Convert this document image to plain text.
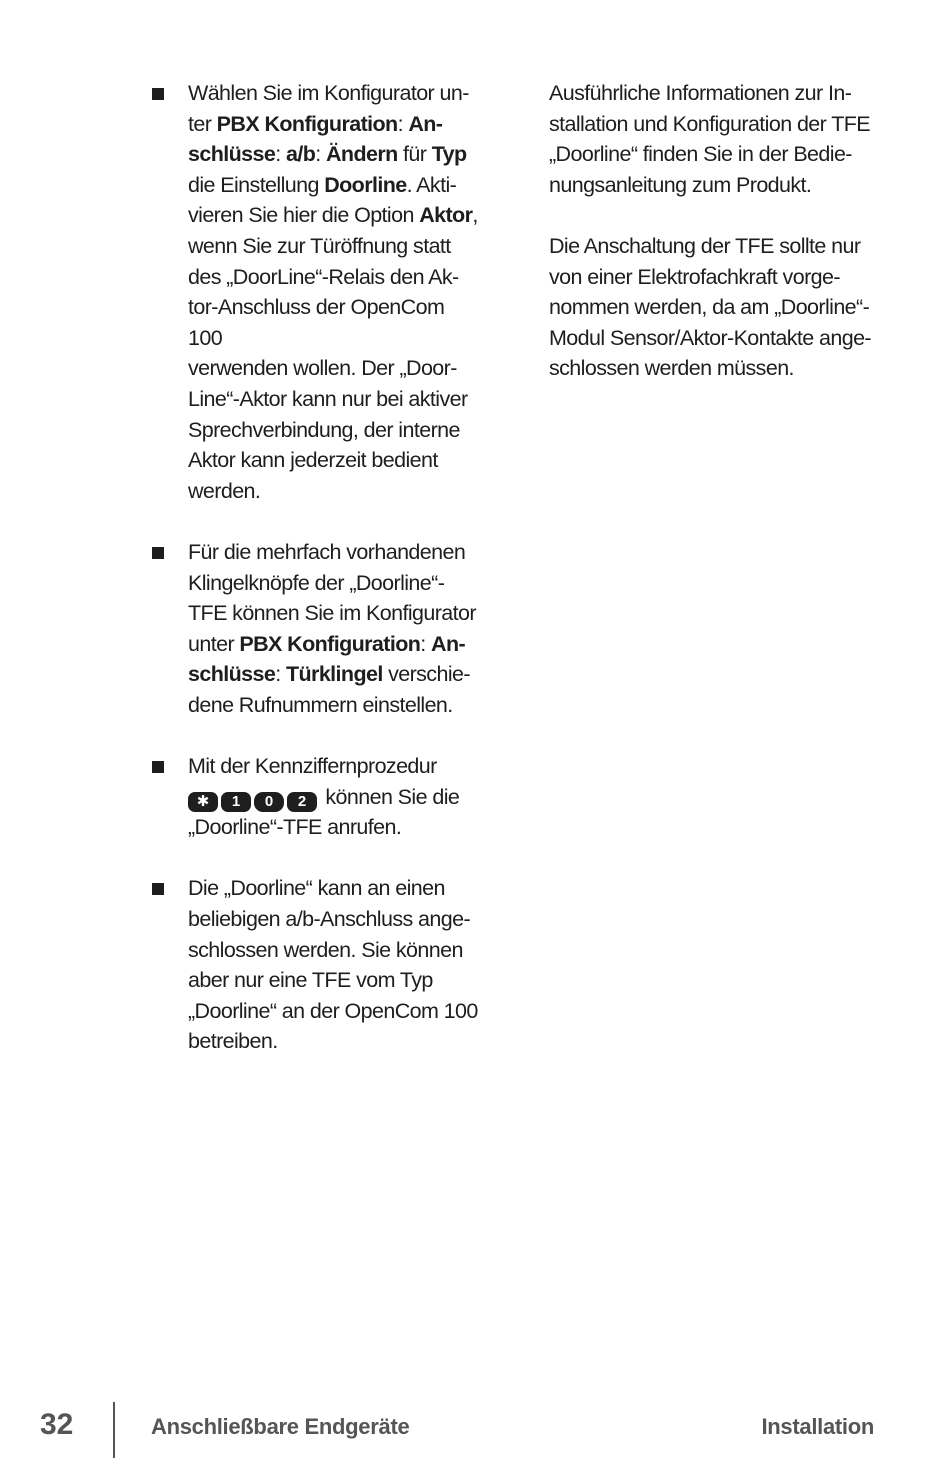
Wählen Sie im Konfigurator un-
ter PBX Konfiguration: An-
schlüsse: a/b: Ändern für Typ
die Einstellung Doorline. Akti-
vieren Sie hier die Option Aktor,
wenn Sie zur Türöffnung statt
des „DoorLine“-Relais den Ak-
tor-Anschluss der OpenCom 100
verwenden wollen. Der „Door-
Line“-Aktor kann nur bei aktiver
Sprechverbindung, der interne
Aktor kann jederzeit bedient
werden.
Für die mehrfach vorhandenen
Klingelknöpfe der „Doorline“-
TFE können Sie im Konfigurator
unter PBX Konfiguration: An-
schlüsse: Türklingel verschie-
dene Rufnummern einstellen.
Mit der Kennziffernprozedur
✱ 1 0 2 können Sie die
„Doorline“-TFE anrufen.
Die „Doorline“ kann an einen
beliebigen a/b-Anschluss ange-
schlossen werden. Sie können
aber nur eine TFE vom Typ
„Doorline“ an der OpenCom 100
betreiben.

Ausführliche Informationen zur In-
stallation und Konfiguration der TFE
„Doorline“ finden Sie in der Bedie-
nungsanleitung zum Produkt.

Die Anschaltung der TFE sollte nur
von einer Elektrofachkraft vorge-
nommen werden, da am „Doorline“-
Modul Sensor/Aktor-Kontakte ange-
schlossen werden müssen.

32	Anschließbare Endgeräte	Installation
